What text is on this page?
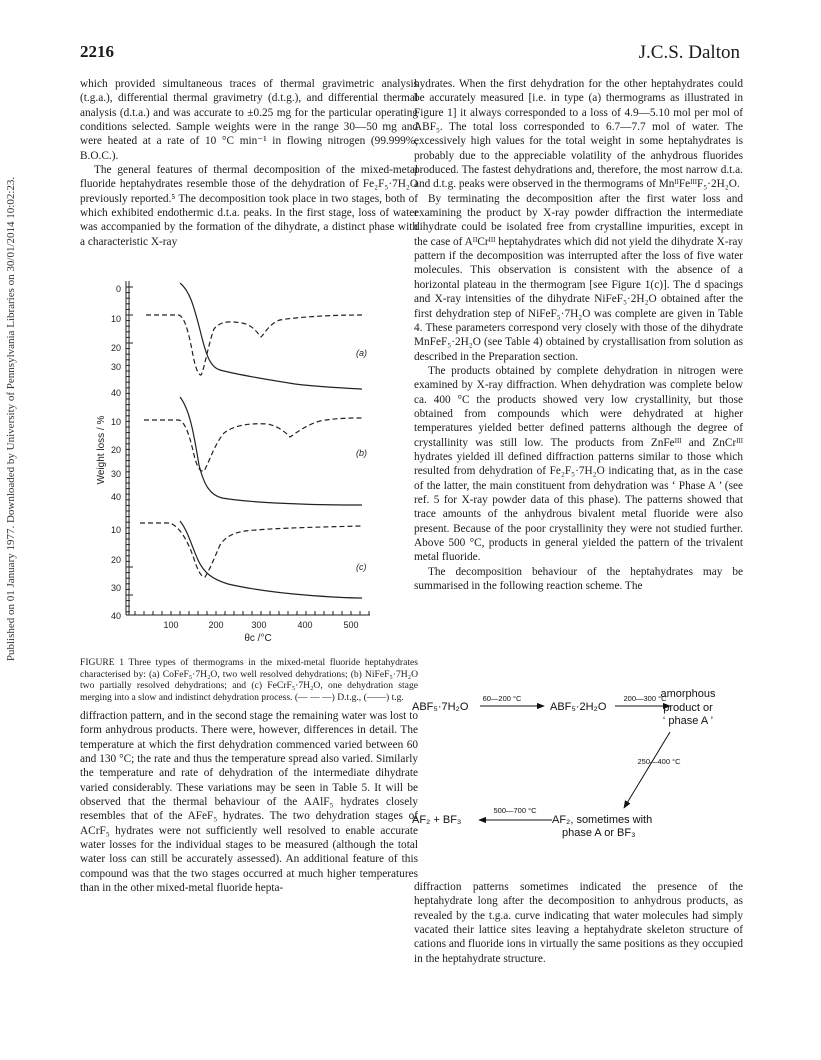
2216	J.C.S. Dalton
Published on 01 January 1977. Downloaded by University of Pennsylvania Libraries on 30/01/2014 10:02:23.

which provided simultaneous traces of thermal gravimetric analysis (t.g.a.), differential thermal gravimetry (d.t.g.), and differential thermal analysis (d.t.a.) and was accurate to ±0.25 mg for the particular operating conditions selected. Sample weights were in the range 30—50 mg and were heated at a rate of 10 °C min⁻¹ in flowing nitrogen (99.999%, B.O.C.).

The general features of thermal decomposition of the mixed-metal fluoride heptahydrates resemble those of the dehydration of Fe₂F₅·7H₂O previously reported.⁵ The decomposition took place in two stages, both of which exhibited endothermic d.t.a. peaks. In the first stage, loss of water was accompanied by the formation of the dihydrate, a distinct phase with a characteristic X-ray

0
10
20
30
40
10
20
30
40
10
20
30
40
100	200	300	400	500
θc /°C
(a)
(b)
(c)
Weight loss / %
FIGURE 1 Three types of thermograms in the mixed-metal fluoride heptahydrates characterised by: (a) CoFeF₅·7H₂O, two well resolved dehydrations; (b) NiFeF₅·7H₂O two partially resolved dehydrations; and (c) FeCrF₅·7H₂O, one dehydration stage merging into a slow and indistinct dehydration process. (— — —) D.t.g., (——) t.g.

diffraction pattern, and in the second stage the remaining water was lost to form anhydrous products. There were, however, differences in detail. The temperature at which the first dehydration commenced varied between 60 and 130 °C; the rate and thus the temperature spread also varied. Similarly the temperature and rate of dehydration of the intermediate dihydrate varied considerably. These variations may be seen in Table 5. It will be observed that the thermal behaviour of the AAlF₅ hydrates closely resembles that of the AFeF₅ hydrates. The two dehydration stages of ACrF₅ hydrates were not sufficiently well resolved to enable accurate water losses for the individual stages to be measured (although the total water loss can still be accurately assessed). An additional feature of this compound was that the two stages occurred at much higher temperatures than in the other mixed-metal fluoride hepta-

hydrates. When the first dehydration for the other heptahydrates could be accurately measured [i.e. in type (a) thermograms as illustrated in Figure 1] it always corresponded to a loss of 4.9—5.10 mol per mol of ABF₅. The total loss corresponded to 6.7—7.7 mol of water. The excessively high values for the total weight in some heptahydrates is probably due to the appreciable volatility of the anhydrous fluorides produced. The fastest dehydrations and, therefore, the most narrow d.t.a. and d.t.g. peaks were observed in the thermograms of MnᴵᴵFeᴵᴵᴵF₅·2H₂O.

By terminating the decomposition after the first water loss and examining the product by X-ray powder diffraction the intermediate dihydrate could be isolated free from crystalline impurities, except in the case of AᴵᴵCrᴵᴵᴵ heptahydrates which did not yield the dihydrate X-ray pattern if the decomposition was interrupted after the loss of five water molecules. This observation is consistent with the absence of a horizontal plateau in the thermogram [see Figure 1(c)]. The d spacings and X-ray intensities of the dihydrate NiFeF₅·2H₂O obtained after the first dehydration step of NiFeF₅·7H₂O was complete are given in Table 4. These parameters correspond very closely with those of the dihydrate MnFeF₅·2H₂O (see Table 4) obtained by crystallisation from solution as described in the Preparation section.

The products obtained by complete dehydration in nitrogen were examined by X-ray diffraction. When dehydration was complete below ca. 400 °C the products showed very low crystallinity, but those obtained from compounds which were dehydrated at higher temperatures yielded better defined patterns although the degree of crystallinity was still low. The products from ZnFeᴵᴵᴵ and ZnCrᴵᴵᴵ hydrates yielded ill defined diffraction patterns similar to those which resulted from dehydration of Fe₂F₅·7H₂O indicating that, as in the case of the latter, the main constituent from dehydration was ‘ Phase A ’ (see ref. 5 for X-ray powder data of this phase). The patterns showed that trace amounts of the anhydrous bivalent metal fluoride were also present. Because of the poor crystallinity they were not studied further. Above 500 °C, products in general yielded the pattern of the trivalent metal fluoride.

The decomposition behaviour of the heptahydrates may be summarised in the following reaction scheme. The

ABF₅·7H₂O
60—200 °C
ABF₅·2H₂O
200—300 °C
amorphous
product or
‘ phase A ’
250—400 °C
AF₂ + BF₃
500—700 °C
AF₂, sometimes with
phase A or BF₃

diffraction patterns sometimes indicated the presence of the heptahydrate long after the decomposition to anhydrous products, as revealed by the t.g.a. curve indicating that water molecules had simply vacated their lattice sites leaving a heptahydrate skeleton structure of cations and fluoride ions in virtually the same positions as they occupied in the heptahydrate structure.
